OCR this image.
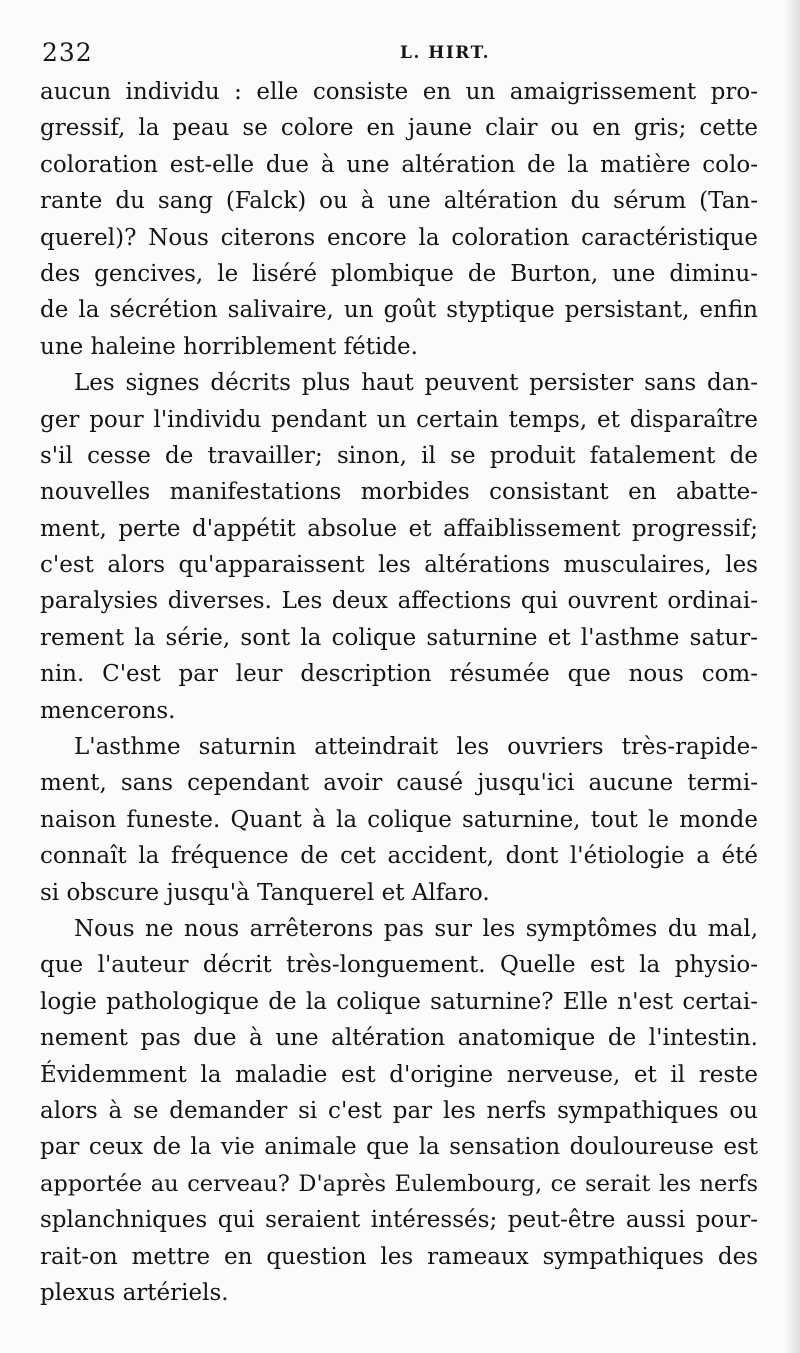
232	L. HIRT.

aucun individu : elle consiste en un amaigrissement pro-
gressif, la peau se colore en jaune clair ou en gris; cette
coloration est-elle due à une altération de la matière colo-
rante du sang (Falck) ou à une altération du sérum (Tan-
querel)? Nous citerons encore la coloration caractéristique
des gencives, le liséré plombique de Burton, une diminu-
de la sécrétion salivaire, un goût styptique persistant, enfin
une haleine horriblement fétide.

Les signes décrits plus haut peuvent persister sans dan-
ger pour l'individu pendant un certain temps, et disparaître
s'il cesse de travailler; sinon, il se produit fatalement de
nouvelles manifestations morbides consistant en abatte-
ment, perte d'appétit absolue et affaiblissement progressif;
c'est alors qu'apparaissent les altérations musculaires, les
paralysies diverses. Les deux affections qui ouvrent ordinai-
rement la série, sont la colique saturnine et l'asthme satur-
nin. C'est par leur description résumée que nous com-
mencerons.

L'asthme saturnin atteindrait les ouvriers très-rapide-
ment, sans cependant avoir causé jusqu'ici aucune termi-
naison funeste. Quant à la colique saturnine, tout le monde
connaît la fréquence de cet accident, dont l'étiologie a été
si obscure jusqu'à Tanquerel et Alfaro.

Nous ne nous arrêterons pas sur les symptômes du mal,
que l'auteur décrit très-longuement. Quelle est la physio-
logie pathologique de la colique saturnine? Elle n'est certai-
nement pas due à une altération anatomique de l'intestin.
Évidemment la maladie est d'origine nerveuse, et il reste
alors à se demander si c'est par les nerfs sympathiques ou
par ceux de la vie animale que la sensation douloureuse est
apportée au cerveau? D'après Eulembourg, ce serait les nerfs
splanchniques qui seraient intéressés; peut-être aussi pour-
rait-on mettre en question les rameaux sympathiques des
plexus artériels.
